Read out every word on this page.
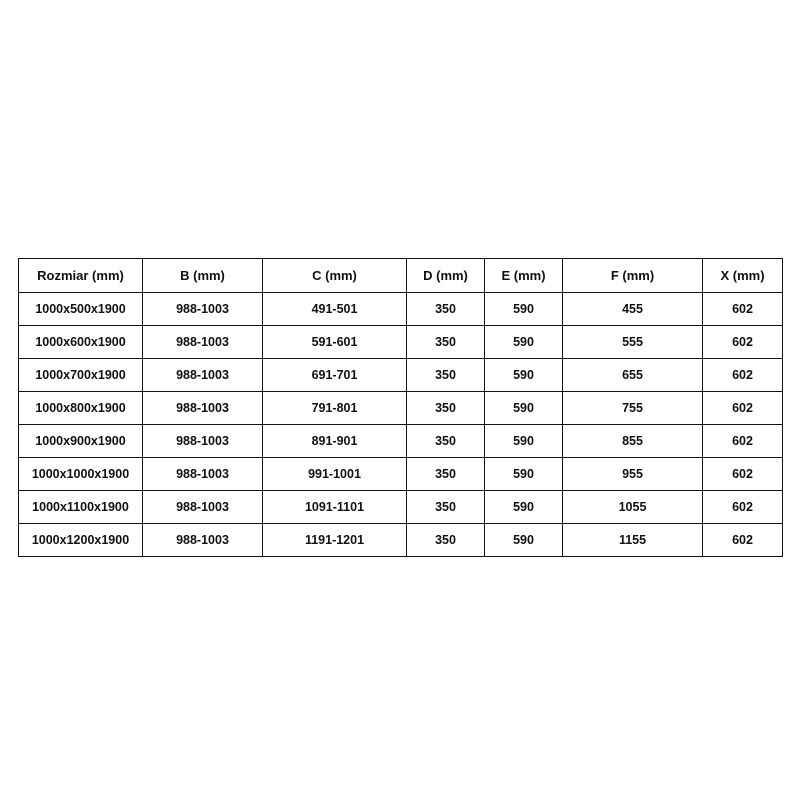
Rozmiar (mm)	B (mm)	C (mm)	D (mm)	E (mm)	F (mm)	X (mm)
1000x500x1900	988-1003	491-501	350	590	455	602
1000x600x1900	988-1003	591-601	350	590	555	602
1000x700x1900	988-1003	691-701	350	590	655	602
1000x800x1900	988-1003	791-801	350	590	755	602
1000x900x1900	988-1003	891-901	350	590	855	602
1000x1000x1900	988-1003	991-1001	350	590	955	602
1000x1100x1900	988-1003	1091-1101	350	590	1055	602
1000x1200x1900	988-1003	1191-1201	350	590	1155	602
